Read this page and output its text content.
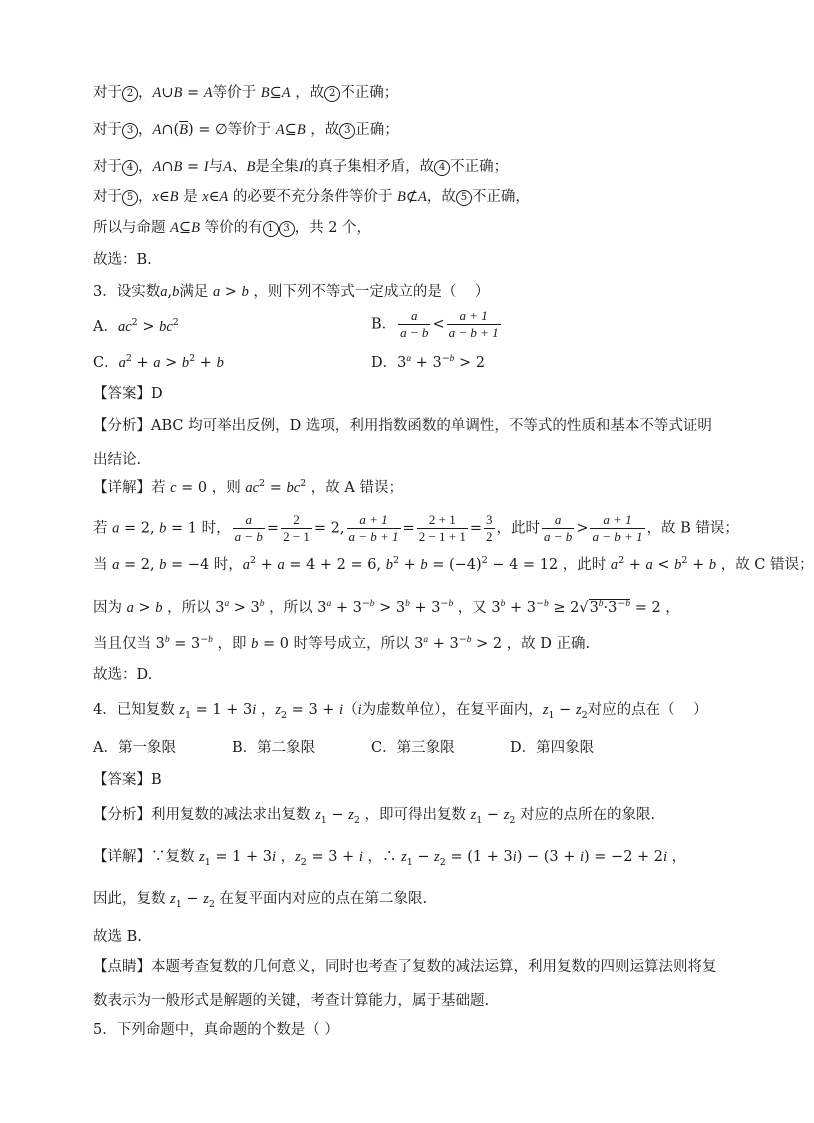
对于 2 ，A∪B = A等价于 B⊆A ，故 2 不正确；
对于 3 ，$A\cap(\overline{B})$ = ∅等价于 A⊆B ，故 3 正确；
对于 4 ，A∩B = I与A、B是全集I的真子集相矛盾，故 4 不正确；
对于 5 ，x∈B 是 x∈A 的必要不充分条件等价于 B⊄A，故 5 不正确，
所以与命题 A⊆B 等价的有 1 3 ，共 2 个，
故选：B.
3．设实数a,b满足 a > b ，则下列不等式一定成立的是（    ）
A．$ac^2 > bc^2$	B． $\frac{a}{a - b} < \frac{a + 1}{a - b + 1}$
C．$a^2 + a > b^2 + b$	D．$3^a + 3^{-b} > 2$
【答案】D
【分析】ABC 均可举出反例，D 选项，利用指数函数的单调性，不等式的性质和基本不等式证明出结论.
【详解】若 c = 0 ，则 $ac^2 = bc^2$ ，故 A 错误；
若 a = 2, b = 1 时， $\frac{a}{a - b} = \frac{2}{2 - 1} = 2$, $\frac{a + 1}{a - b + 1} = \frac{2 + 1}{2 - 1 + 1} = \frac{3}{2}$ ，此时 $\frac{a}{a - b} > \frac{a + 1}{a - b + 1}$ ，故 B 错误；
当 a = 2, b = −4 时，$a^2 + a = 4 + 2 = 6$, $b^2 + b = (-4)^2 - 4 = 12$ ，此时 $a^2 + a < b^2 + b$ ，故 C 错误；
因为 a > b ，所以 $3^a > 3^b$ ，所以 $3^a + 3^{-b} > 3^b + 3^{-b}$ ，又 $3^b + 3^{-b} \ge 2√3^b\cdot 3^{-b} = 2$ ，
当且仅当 $3^b = 3^{-b}$ ，即 b = 0 时等号成立，所以 $3^a + 3^{-b} > 2$ ，故 D 正确.
故选：D.
4．已知复数 $z_1 = 1 + 3i$ ，$z_2 = 3 + i(i$为虚数单位），在复平面内，$z_1 - z_2$对应的点在（    ）
A．第一象限	B．第二象限	C．第三象限	D．第四象限
【答案】B
【分析】利用复数的减法求出复数 $z_1 - z_2$ ，即可得出复数 $z_1 - z_2$ 对应的点所在的象限.
【详解】∵复数 $z_1 = 1 + 3i$ ，$z_2 = 3 + i$ ，∴ $z_1 - z_2 = (1 + 3i) - (3 + i) = -2 + 2i$ ，
因此，复数 $z_1 - z_2$ 在复平面内对应的点在第二象限.
故选 B.
【点睛】本题考查复数的几何意义，同时也考查了复数的减法运算，利用复数的四则运算法则将复数表示为一般形式是解题的关键，考查计算能力，属于基础题.
5．下列命题中，真命题的个数是（ ）
